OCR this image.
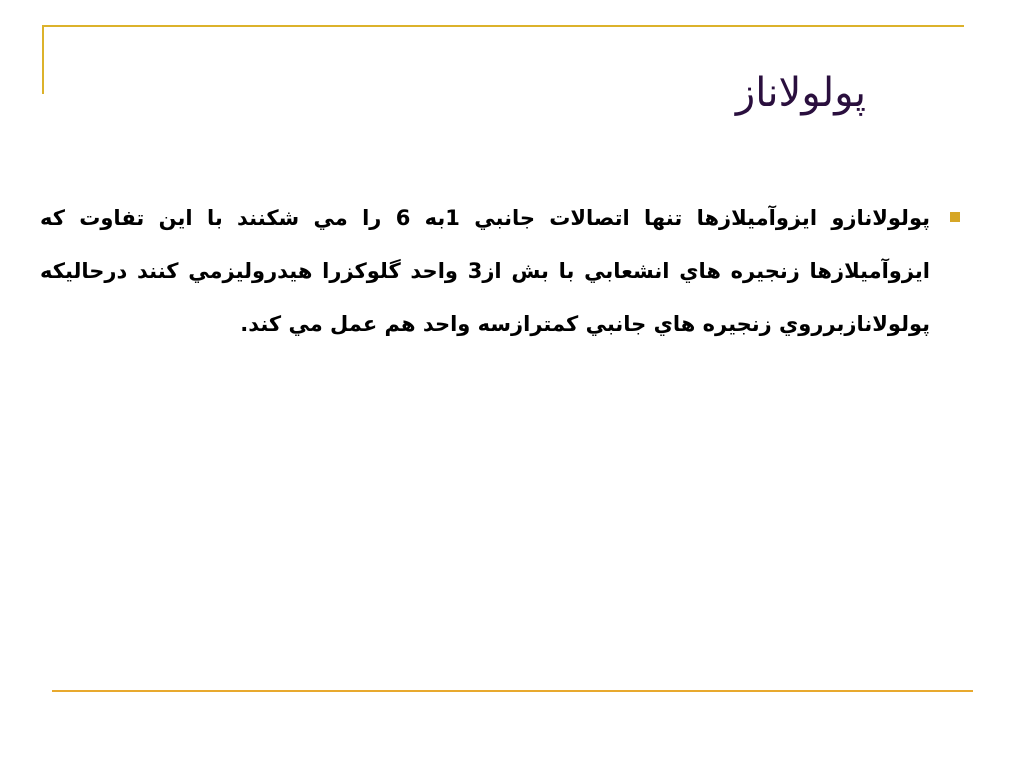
پولولاناز
پولولانازو ايزوآميلازها تنها اتصالات جانبي 1به 6 را مي شكنند با اين تفاوت كه ايزوآميلازها زنجيره هاي انشعابي با بش از3 واحد گلوكزرا هيدروليزمي كنند درحاليكه پولولانازبرروي زنجيره هاي جانبي كمترازسه واحد هم عمل مي كند.
